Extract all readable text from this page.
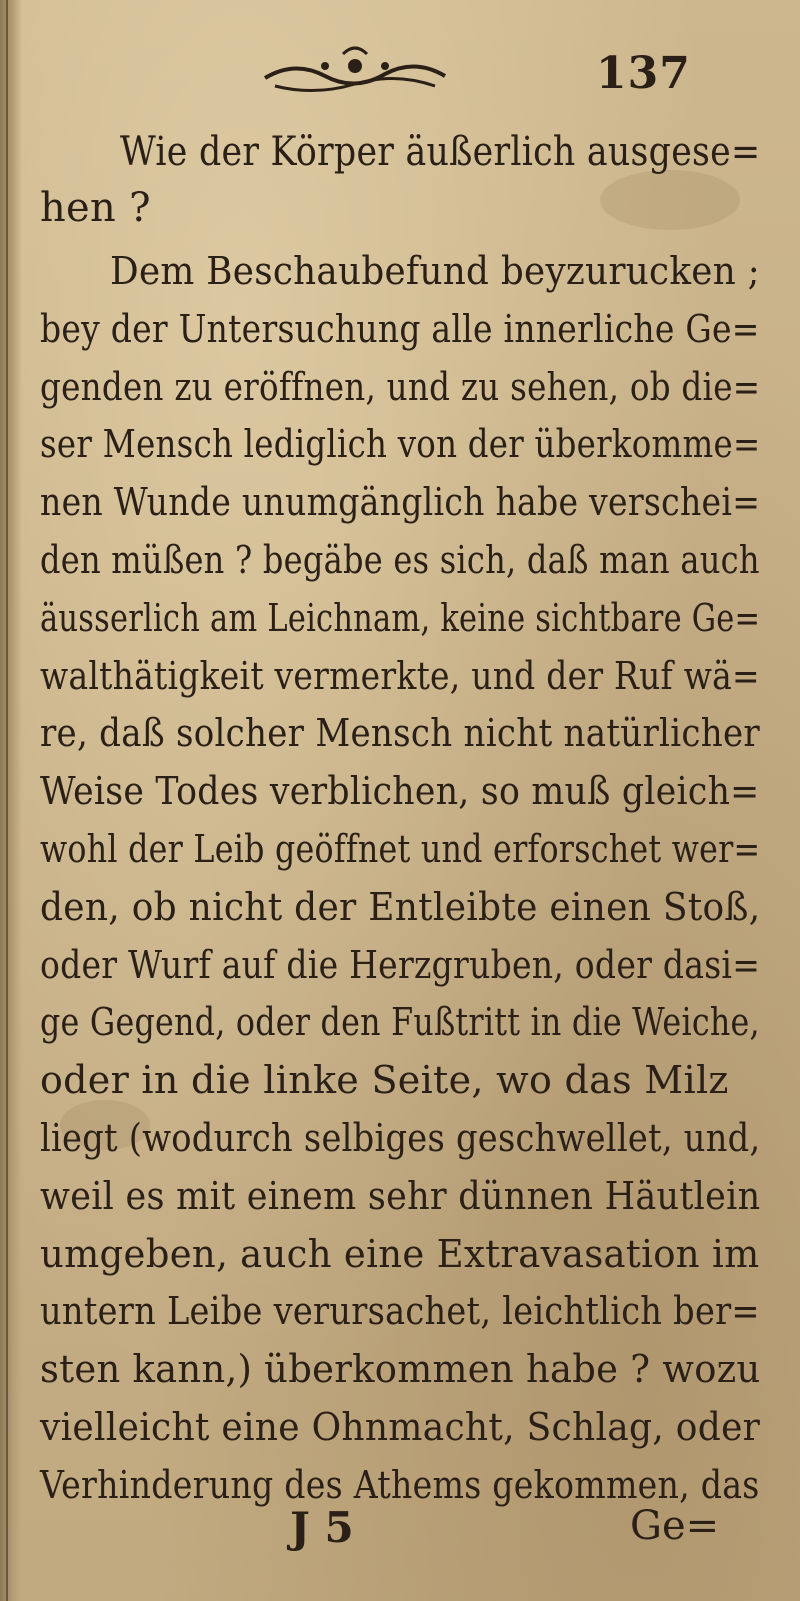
137
Wie der Körper äußerlich ausgese=
hen ?
Dem Beschaubefund beyzurucken ;
bey der Untersuchung alle innerliche Ge=
genden zu eröffnen, und zu sehen, ob die=
ser Mensch lediglich von der überkomme=
nen Wunde unumgänglich habe verschei=
den müßen ? begäbe es sich, daß man auch
äusserlich am Leichnam, keine sichtbare Ge=
walthätigkeit vermerkte, und der Ruf wä=
re, daß solcher Mensch nicht natürlicher
Weise Todes verblichen, so muß gleich=
wohl der Leib geöffnet und erforschet wer=
den, ob nicht der Entleibte einen Stoß,
oder Wurf auf die Herzgruben, oder dasi=
ge Gegend, oder den Fußtritt in die Weiche,
oder in die linke Seite, wo das Milz
liegt (wodurch selbiges geschwellet, und,
weil es mit einem sehr dünnen Häutlein
umgeben, auch eine Extravasation im
untern Leibe verursachet, leichtlich ber=
sten kann,) überkommen habe ? wozu
vielleicht eine Ohnmacht, Schlag, oder
Verhinderung des Athems gekommen, das
J 5	Ge=
